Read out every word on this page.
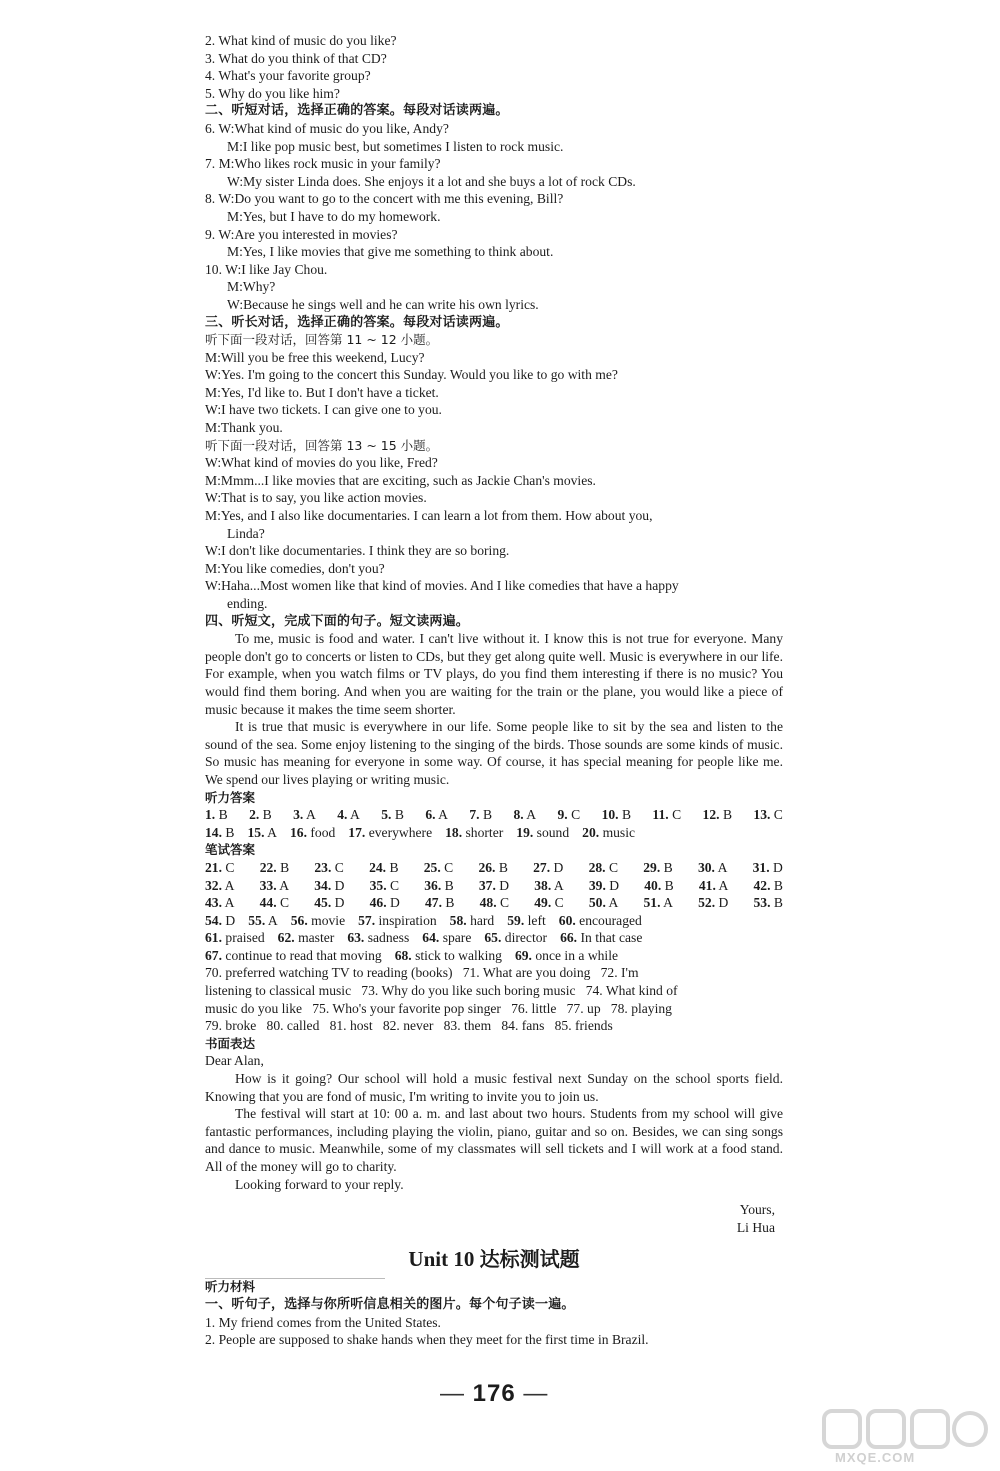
2. What kind of music do you like?
3. What do you think of that CD?
4. What's your favorite group?
5. Why do you like him?
二、听短对话，选择正确的答案。每段对话读两遍。
6. W:What kind of music do you like, Andy?
M:I like pop music best, but sometimes I listen to rock music.
7. M:Who likes rock music in your family?
W:My sister Linda does. She enjoys it a lot and she buys a lot of rock CDs.
8. W:Do you want to go to the concert with me this evening, Bill?
M:Yes, but I have to do my homework.
9. W:Are you interested in movies?
M:Yes, I like movies that give me something to think about.
10. W:I like Jay Chou.
M:Why?
W:Because he sings well and he can write his own lyrics.
三、听长对话，选择正确的答案。每段对话读两遍。
听下面一段对话，回答第 11 ~ 12 小题。
M:Will you be free this weekend, Lucy?
W:Yes. I'm going to the concert this Sunday. Would you like to go with me?
M:Yes, I'd like to. But I don't have a ticket.
W:I have two tickets. I can give one to you.
M:Thank you.
听下面一段对话，回答第 13 ~ 15 小题。
W:What kind of movies do you like, Fred?
M:Mmm...I like movies that are exciting, such as Jackie Chan's movies.
W:That is to say, you like action movies.
M:Yes, and I also like documentaries. I can learn a lot from them. How about you,
Linda?
W:I don't like documentaries. I think they are so boring.
M:You like comedies, don't you?
W:Haha...Most women like that kind of movies. And I like comedies that have a happy
ending.
四、听短文，完成下面的句子。短文读两遍。
To me, music is food and water. I can't live without it. I know this is not true for everyone. Many people don't go to concerts or listen to CDs, but they get along quite well. Music is everywhere in our life. For example, when you watch films or TV plays, do you find them interesting if there is no music? You would find them boring. And when you are waiting for the train or the plane, you would like a piece of music because it makes the time seem shorter.
It is true that music is everywhere in our life. Some people like to sit by the sea and listen to the sound of the sea. Some enjoy listening to the singing of the birds. Those sounds are some kinds of music. So music has meaning for everyone in some way. Of course, it has special meaning for people like me. We spend our lives playing or writing music.
听力答案
1. B 2. B 3. A 4. A 5. B 6. A 7. B 8. A 9. C 10. B 11. C 12. B 13. C
14. B 15. A 16. food 17. everywhere 18. shorter 19. sound 20. music
笔试答案
21. C 22. B 23. C 24. B 25. C 26. B 27. D 28. C 29. B 30. A 31. D
32. A 33. A 34. D 35. C 36. B 37. D 38. A 39. D 40. B 41. A 42. B
43. A 44. C 45. D 46. D 47. B 48. C 49. C 50. A 51. A 52. D 53. B
54. D 55. A 56. movie 57. inspiration 58. hard 59. left 60. encouraged
61. praised 62. master 63. sadness 64. spare 65. director 66. In that case
67. continue to read that moving 68. stick to walking 69. once in a while
70. preferred watching TV to reading (books)   71. What are you doing   72. I'm
listening to classical music   73. Why do you like such boring music   74. What kind of
music do you like   75. Who's your favorite pop singer   76. little   77. up   78. playing
79. broke   80. called   81. host   82. never   83. them   84. fans   85. friends
书面表达
Dear Alan,
How is it going? Our school will hold a music festival next Sunday on the school sports field. Knowing that you are fond of music, I'm writing to invite you to join us.
The festival will start at 10: 00 a. m. and last about two hours. Students from my school will give fantastic performances, including playing the violin, piano, guitar and so on. Besides, we can sing songs and dance to music. Meanwhile, some of my classmates will sell tickets and I will work at a food stand. All of the money will go to charity.
Looking forward to your reply.
Yours,
Li Hua
Unit 10 达标测试题
听力材料
一、听句子，选择与你所听信息相关的图片。每个句子读一遍。
1. My friend comes from the United States.
2. People are supposed to shake hands when they meet for the first time in Brazil.
— 176 —
MXQE.COM
